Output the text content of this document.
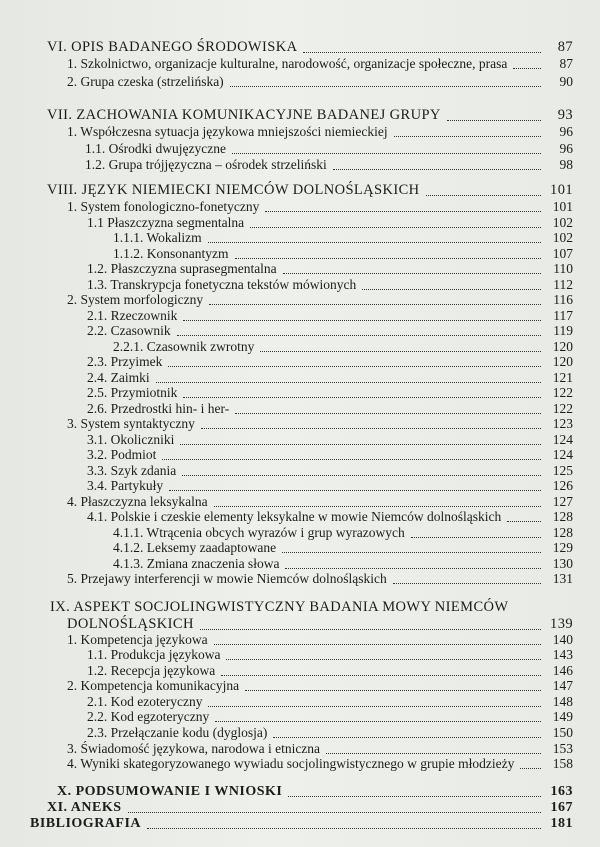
VI. OPIS BADANEGO ŚRODOWISKA	87
1. Szkolnictwo, organizacje kulturalne, narodowość, organizacje społeczne, prasa	87
2. Grupa czeska (strzelińska)	90
VII. ZACHOWANIA KOMUNIKACYJNE BADANEJ GRUPY	93
1. Współczesna sytuacja językowa mniejszości niemieckiej	96
1.1. Ośrodki dwujęzyczne	96
1.2. Grupa trójjęzyczna – ośrodek strzeliński	98
VIII. JĘZYK NIEMIECKI NIEMCÓW DOLNOŚLĄSKICH	101
1. System fonologiczno-fonetyczny	101
1.1 Płaszczyzna segmentalna	102
1.1.1. Wokalizm	102
1.1.2. Konsonantyzm	107
1.2. Płaszczyzna suprasegmentalna	110
1.3. Transkrypcja fonetyczna tekstów mówionych	112
2. System morfologiczny	116
2.1. Rzeczownik	117
2.2. Czasownik	119
2.2.1. Czasownik zwrotny	120
2.3. Przyimek	120
2.4. Zaimki	121
2.5. Przymiotnik	122
2.6. Przedrostki hin- i her-	122
3. System syntaktyczny	123
3.1. Okoliczniki	124
3.2. Podmiot	124
3.3. Szyk zdania	125
3.4. Partykuły	126
4. Płaszczyzna leksykalna	127
4.1. Polskie i czeskie elementy leksykalne w mowie Niemców dolnośląskich	128
4.1.1. Wtrącenia obcych wyrazów i grup wyrazowych	128
4.1.2. Leksemy zaadaptowane	129
4.1.3. Zmiana znaczenia słowa	130
5. Przejawy interferencji w mowie Niemców dolnośląskich	131
IX. ASPEKT SOCJOLINGWISTYCZNY BADANIA MOWY NIEMCÓW
DOLNOŚLĄSKICH	139
1. Kompetencja językowa	140
1.1. Produkcja językowa	143
1.2. Recepcja językowa	146
2. Kompetencja komunikacyjna	147
2.1. Kod ezoteryczny	148
2.2. Kod egzoteryczny	149
2.3. Przełączanie kodu (dyglosja)	150
3. Świadomość językowa, narodowa i etniczna	153
4. Wyniki skategoryzowanego wywiadu socjolingwistycznego w grupie młodzieży	158
X. PODSUMOWANIE I WNIOSKI	163
XI. ANEKS	167
BIBLIOGRAFIA	181
